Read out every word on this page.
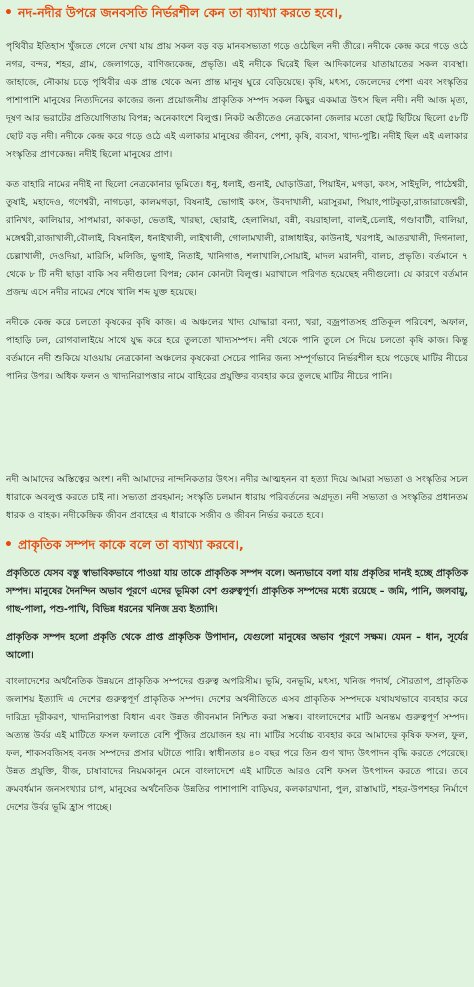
• নদ-নদীর উপরে জনবসতি নির্ভরশীল কেন তা ব্যাখ্যা করতে হবে।,

পৃথিবীর ইতিহাস খুঁজতে গেলে দেখা যায় প্রায় সকল বড় বড় মানবসভ্যতা গড়ে ওঠেছিল নদী তীরে। নদীকে কেন্দ্র করে গড়ে ওঠে নগর, বন্দর, শহর, গ্রাম, জেলাগড়ে, বাণিজ্যকেন্দ্র, প্রভৃতি। এই নদীকে ঘিরেই ছিল আদিকালের যাতায়াতের সকল ব্যবস্থা। জাহাজে, নৌকায় চড়ে পৃথিবীর এক প্রান্ত থেকে অন্য প্রান্ত মানুষ ঘুরে বেড়িয়েছে। কৃষি, মৎস্য, জেলেদের পেশা এবং সংস্কৃতির পাশাপাশি মানুষের নিত্যদিনের কাজের জন্য প্রয়োজনীয় প্রাকৃতিক সম্পদ সকল কিছুর একমাত্র উৎস ছিল নদী। নদী আজ মৃত্য, দূষণ আর ভরাটের প্রতিযোগিতায় বিপন্ন; অনেকাংশে বিলুপ্ত। নিকট অতীতেও নেত্রকোনা জেলার মতো ছোট্ট ছিটিয়ে ছিলো ৫৮টি ছোট বড় নদী। নদীকে কেন্দ্র করে গড়ে ওঠে এই এলাকার মানুষের জীবন, পেশা, কৃষি, ব্যবসা, খাদ্য-পুষ্টি। নদীই ছিল এই এলাকার সংস্কৃতির প্রাণকেন্দ্র। নদীই ছিলো মানুষের প্রাণ।

কত বাহারি নামের নদীই না ছিলো নেত্রকোনার ভূমিতে। ধনু, ধলাই, গুনাই, ঘোড়াউত্রা, পিয়াইন, মগড়া, কংস, সাইদুলি, পাঠেশ্বরী, তুষাই, মহাদেও, গণেশ্বরী, নাগচড়া, কালমগড়া, বিষনাই, ভোগাই কংস, উবদাখালী, মরাসুরমা, পিয়াং,পাটকুড়া,রাজারাজেশ্বরী, রানিখং, কালিয়ার, সাপমারা, কাকড়া, ভেতাই, খারছা, ছোরাই, হেলালিয়া, বন্নী, বয়রাহালা, বালই,চেলাই, গণ্ডাবাটী, বালিয়া, মঙ্গেশ্বরী,রাজাখালী,বৌলাই, বিষনাইল, ধনাইখালী, লাইখালী, গোলামখালী, রাঙ্গাধাইর, কাউনাই, খরপাই, আতরখালী, দিগনালা, চেল্লাখালী, দেওদিয়া, মারিসি, মলিজি, ভুগাই, নিতাই, খানিগাঙ, শলাখালি,সোয়াই, মাদল মরানদী, বালচ, প্রভৃতি। বর্তমানে ৭ থেকে ৮ টি নদী ছাড়া বাকি সব নদীগুলো বিপন্ন; কোন কোনটা বিলুপ্ত। মরাখালে পরিণত হয়েছেহ নদীগুলো। যে কারণে বর্তমান প্রজন্ম এসে নদীর নামের শেষে খালি শব্দ যুক্ত হয়েছে।

নদীকে কেন্দ্র করে চলতো কৃষকের কৃষি কাজ। এ অঞ্চলের খাদ্য যোদ্ধারা বন্যা, খরা, বজ্রপাতসহ প্রতিকূল পরিবেশ, অফাল, পাহাড়ি ঢল, রোগবালাইয়ে সাথে যুদ্ধ করে হরে তুলতো খাদ্যসম্পদ। নদী থেকে পানি তুলে সে দিয়ে চলতো কৃষি কাজ। কিন্তু বর্তমানে নদী শুকিয়ে যাওয়ায় নেত্রকোনা অঞ্চলের কৃষকেরা সেচের পানির জন্য সম্পূর্ণভাবে নির্ভরশীল হয়ে পড়েছে মাটির নীচের পানির উপর। অধিক ফলন ও খাদ্যনিরাপত্তার নামে বাহিরের প্রযুক্তির ব্যবহার করে তুলছে মাটির নীচের পানি।

নদী আমাদের অস্তিত্বের অংশ। নদী আমাদের নান্দনিকতার উৎস। নদীর আত্মহনন বা হত্যা দিয়ে আমরা সভ্যতা ও সংস্কৃতির সচল ধারাকে অবলুপ্ত করতে চাই না। সভ্যতা প্রবহমান; সংস্কৃতি চলমান ধারায় পরিবর্তনের অগ্রদূত। নদী সভ্যতা ও সংস্কৃতির প্রধানতম ধারক ও বাহক। নদীকেন্দ্রিক জীবন প্রবাহের এ ধারাকে সজীব ও জীবন নির্ভর করতে হবে।

• প্রাকৃতিক সম্পদ কাকে বলে তা ব্যাখ্যা করবে।,

প্রকৃতিতে যেসব বস্তু স্বাভাবিকভাবে পাওয়া যায় তাকে প্রাকৃতিক সম্পদ বলে। অন্যভাবে বলা যায় প্রকৃতির দানই হচ্ছে প্রাকৃতিক সম্পদ। মানুষের দৈনন্দিন অভাব পূরণে এদের ভূমিকা বেশ গুরুত্বপূর্ণ। প্রাকৃতিক সম্পদের মধ্যে রয়েছে – জমি, পানি, জলবায়ু, গাছ-পালা, পশু-পাখি, বিভিন্ন ধরনের খনিজ দ্রব্য ইত্যাদি।

প্রাকৃতিক সম্পদ হলো প্রকৃতি থেকে প্রাপ্ত প্রাকৃতিক উপাদান, যেগুলো মানুষের অভাব পূরণে সক্ষম। যেমন – ধান, সূর্যের আলো।

বাংলাদেশের অর্থনৈতিক উন্নয়নে প্রাকৃতিক সম্পদের গুরুত্ব অপরিসীম। ভূমি, বনভূমি, মৎস্য, খনিজ পদার্থ, সৌরতাপ, প্রাকৃতিক জলাশয় ইত্যাদি এ দেশের গুরুত্বপূর্ণ প্রাকৃতিক সম্পদ। দেশের অর্থনীতিতে এসব প্রাকৃতিক সম্পদকে যথাযথভাবে ব্যবহার করে দারিদ্র্য দূরীকরণ, খাদ্যনিরাপত্তা বিধান এবং উন্নত জীবনমান নিশ্চিত করা সম্ভব। বাংলাদেশের মাটি অনন্তম গুরুত্বপূর্ণ সম্পদ। অত্যন্ত উর্বর এই মাটিতে ফসল ফলাতে বেশি পুঁজির প্রয়োজন হয় না। মাটির সর্বোচ্চ ব্যবহার করে আমাদের কৃষিক ফসল, ফুল, ফল, শাকসবজিসহ বনজ সম্পদের প্রসার ঘটাতে পারি। স্বাধীনতার ৪০ বছর পরে তিন গুণ খাদ্য উৎপাদন বৃদ্ধি করতে পেরেছে। উন্নত প্রযুক্তি, বীজ, চাষাবাদের নিয়মকানুন মেনে বাংলাদেশে এই মাটিতে আরও বেশি ফসল উৎপাদন করতে পারে। তবে ক্রমবর্ধমান জনসংখ্যার চাপ, মানুষের অর্থনৈতিক উন্নতির পাশাপাশি বাড়িঘর, কলকারখানা, পুল, রাস্তাঘাট, শহর-উপশহর নির্মাণে দেশের উর্বর ভূমি হ্রাস পাচ্ছে।
